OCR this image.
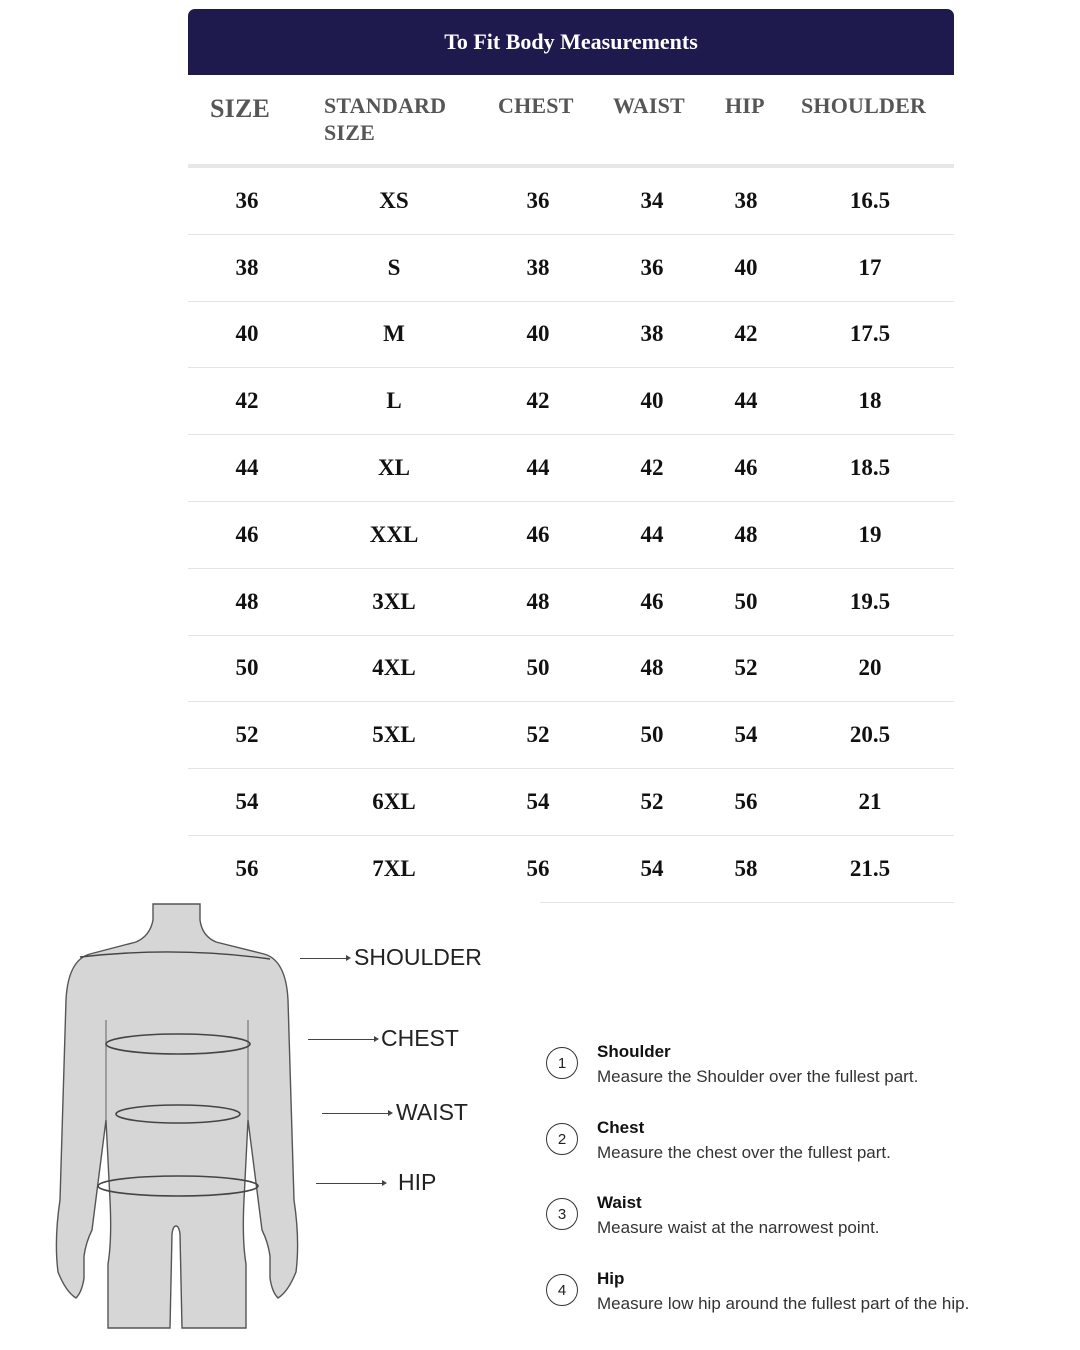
To Fit Body Measurements
SIZE STANDARD
SIZE
CHEST WAIST HIP SHOULDER
36	XS	36	34	38	16.5
38	S	38	36	40	17
40	M	40	38	42	17.5
42	L	42	40	44	18
44	XL	44	42	46	18.5
46	XXL	46	44	48	19
48	3XL	48	46	50	19.5
50	4XL	50	48	52	20
52	5XL	52	50	54	20.5
54	6XL	54	52	56	21
56	7XL	56	54	58	21.5
SHOULDER
CHEST
WAIST
HIP
1
Shoulder
Measure the Shoulder over the fullest part.
2
Chest
Measure the chest over the fullest part.
3
Waist
Measure waist at the narrowest point.
4
Hip
Measure low hip around the fullest part of the hip.
